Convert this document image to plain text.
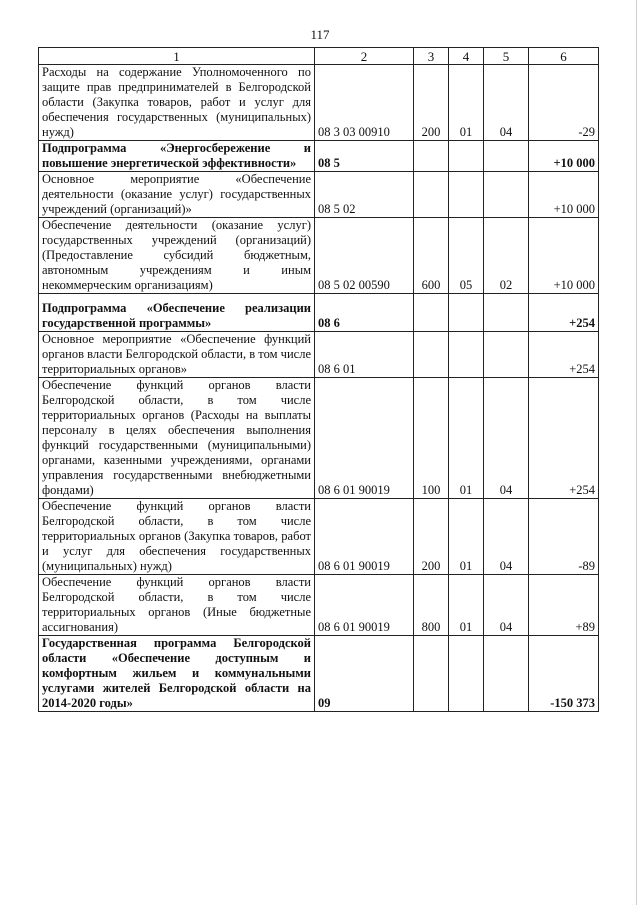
117
1	2	3	4	5	6
Расходы на содержание Уполномоченного по защите прав предпринимателей в Белгородской области (Закупка товаров, работ и услуг для обеспечения государственных (муниципальных) нужд)	08 3 03 00910	200	01	04	-29
Подпрограмма «Энергосбережение и повышение энергетической эффективности»	08 5				+10 000
Основное мероприятие «Обеспечение деятельности (оказание услуг) государственных учреждений (организаций)»	08 5 02				+10 000
Обеспечение деятельности (оказание услуг) государственных учреждений (организаций) (Предоставление субсидий бюджетным, автономным учреждениям и иным некоммерческим организациям)	08 5 02 00590	600	05	02	+10 000
Подпрограмма «Обеспечение реализации государственной программы»	08 6				+254
Основное мероприятие «Обеспечение функций органов власти Белгородской области, в том числе территориальных органов»	08 6 01				+254
Обеспечение функций органов власти Белгородской области, в том числе территориальных органов (Расходы на выплаты персоналу в целях обеспечения выполнения функций государственными (муниципальными) органами, казенными учреждениями, органами управления государственными внебюджетными фондами)	08 6 01 90019	100	01	04	+254
Обеспечение функций органов власти Белгородской области, в том числе территориальных органов (Закупка товаров, работ и услуг для обеспечения государственных (муниципальных) нужд)	08 6 01 90019	200	01	04	-89
Обеспечение функций органов власти Белгородской области, в том числе территориальных органов (Иные бюджетные ассигнования)	08 6 01 90019	800	01	04	+89
Государственная программа Белгородской области «Обеспечение доступным и комфортным жильем и коммунальными услугами жителей Белгородской области на 2014-2020 годы»	09				-150 373
